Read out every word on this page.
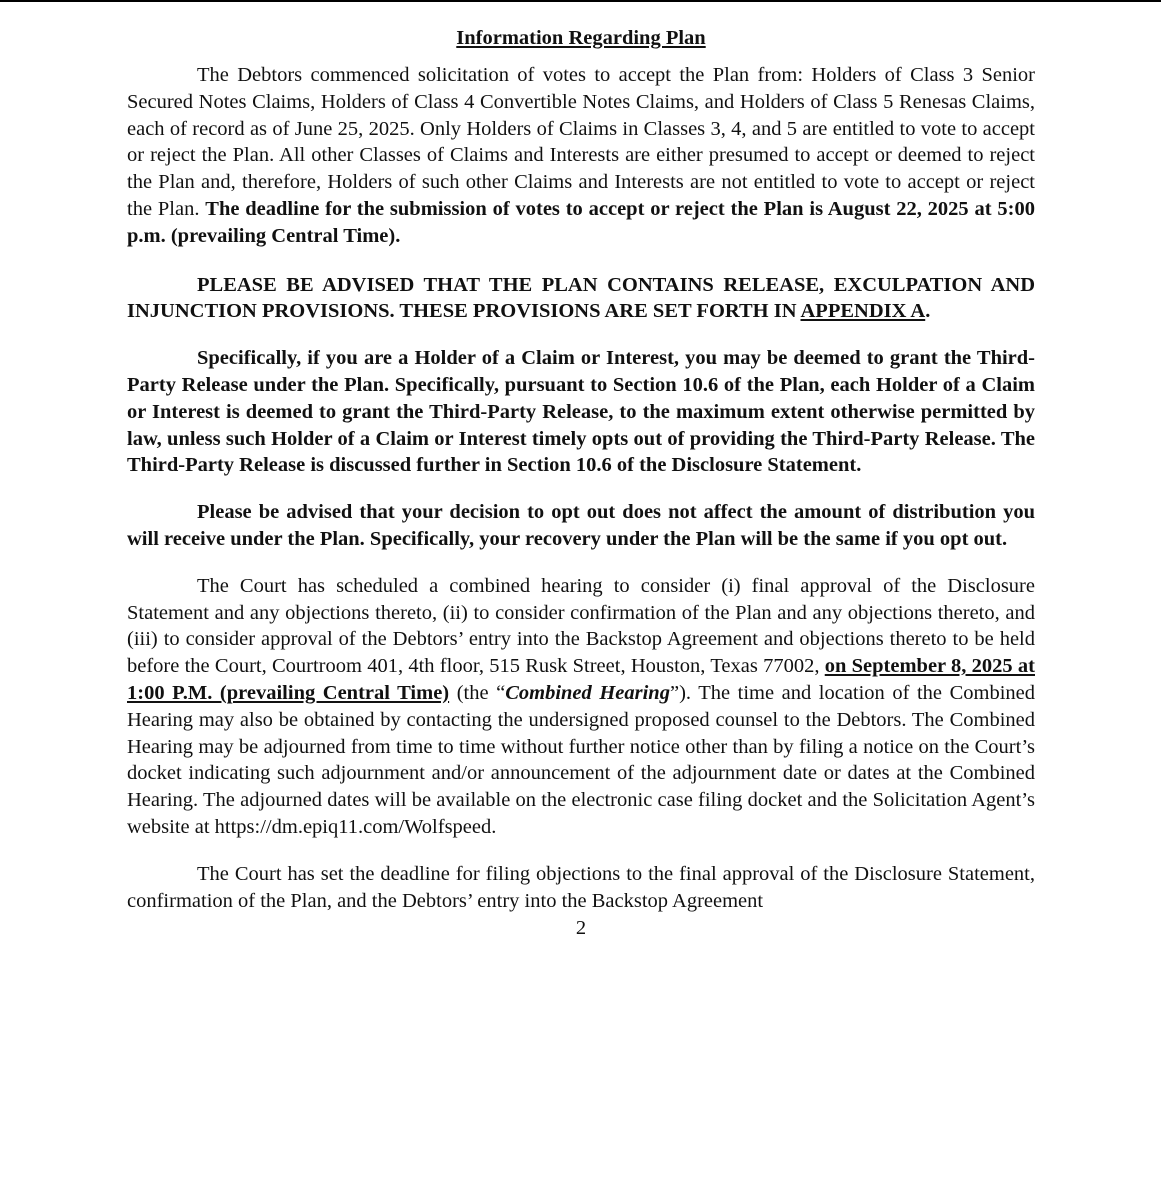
Information Regarding Plan

The Debtors commenced solicitation of votes to accept the Plan from: Holders of Class 3 Senior Secured Notes Claims, Holders of Class 4 Convertible Notes Claims, and Holders of Class 5 Renesas Claims, each of record as of June 25, 2025. Only Holders of Claims in Classes 3, 4, and 5 are entitled to vote to accept or reject the Plan. All other Classes of Claims and Interests are either presumed to accept or deemed to reject the Plan and, therefore, Holders of such other Claims and Interests are not entitled to vote to accept or reject the Plan. The deadline for the submission of votes to accept or reject the Plan is August 22, 2025 at 5:00 p.m. (prevailing Central Time).

PLEASE BE ADVISED THAT THE PLAN CONTAINS RELEASE, EXCULPATION AND INJUNCTION PROVISIONS. THESE PROVISIONS ARE SET FORTH IN APPENDIX A.

Specifically, if you are a Holder of a Claim or Interest, you may be deemed to grant the Third-Party Release under the Plan. Specifically, pursuant to Section 10.6 of the Plan, each Holder of a Claim or Interest is deemed to grant the Third-Party Release, to the maximum extent otherwise permitted by law, unless such Holder of a Claim or Interest timely opts out of providing the Third-Party Release. The Third-Party Release is discussed further in Section 10.6 of the Disclosure Statement.

Please be advised that your decision to opt out does not affect the amount of distribution you will receive under the Plan. Specifically, your recovery under the Plan will be the same if you opt out.

The Court has scheduled a combined hearing to consider (i) final approval of the Disclosure Statement and any objections thereto, (ii) to consider confirmation of the Plan and any objections thereto, and (iii) to consider approval of the Debtors’ entry into the Backstop Agreement and objections thereto to be held before the Court, Courtroom 401, 4th floor, 515 Rusk Street, Houston, Texas 77002, on September 8, 2025 at 1:00 P.M. (prevailing Central Time) (the “Combined Hearing”). The time and location of the Combined Hearing may also be obtained by contacting the undersigned proposed counsel to the Debtors. The Combined Hearing may be adjourned from time to time without further notice other than by filing a notice on the Court’s docket indicating such adjournment and/or announcement of the adjournment date or dates at the Combined Hearing. The adjourned dates will be available on the electronic case filing docket and the Solicitation Agent’s website at https://dm.epiq11.com/Wolfspeed.

The Court has set the deadline for filing objections to the final approval of the Disclosure Statement, confirmation of the Plan, and the Debtors’ entry into the Backstop Agreement

2
